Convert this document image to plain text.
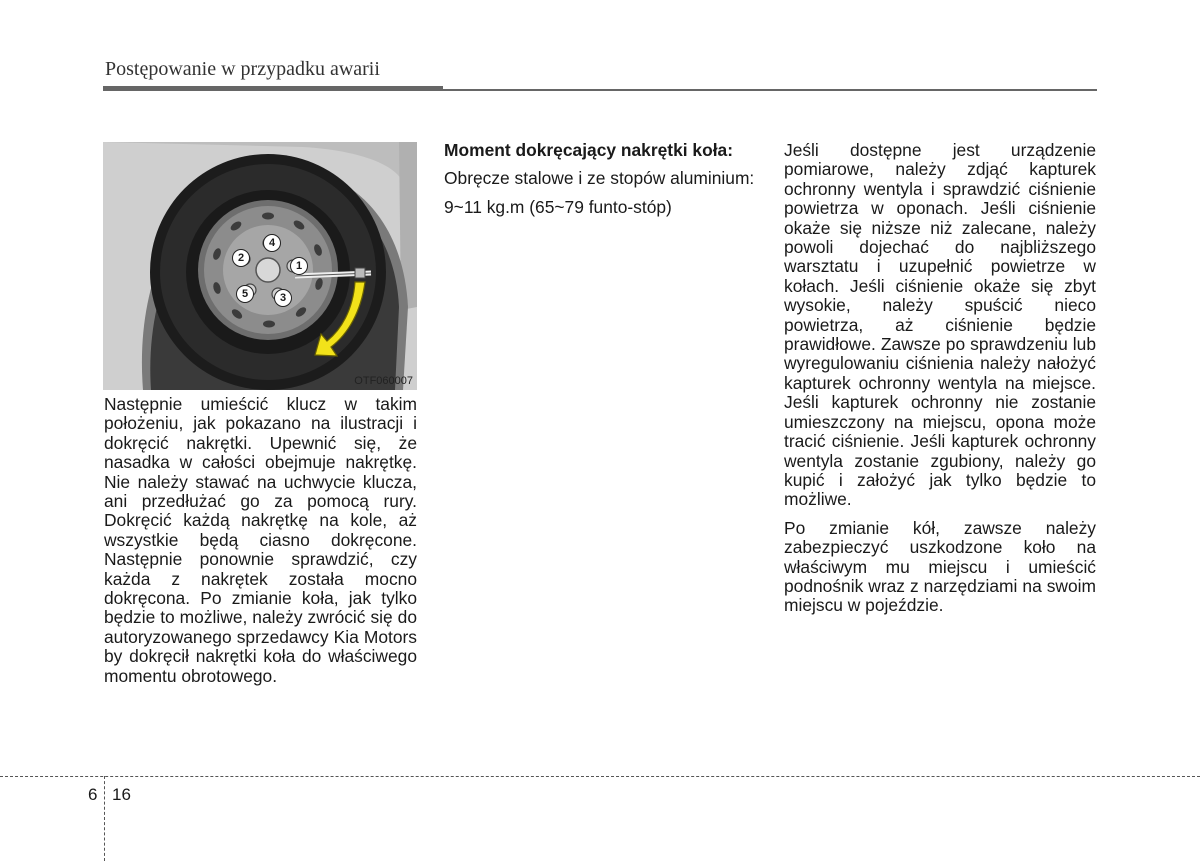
Postępowanie w przypadku awarii
1
2
3
4
5
OTF060007

Następnie umieścić klucz w takim położeniu, jak pokazano na ilustracji i dokręcić nakrętki. Upewnić się, że nasadka w całości obejmuje nakrętkę. Nie należy stawać na uchwycie klucza, ani przedłużać go za pomocą rury. Dokręcić każdą nakrętkę na kole, aż wszystkie będą ciasno dokręcone. Następnie ponownie sprawdzić, czy każda z nakrętek została mocno dokręcona. Po zmianie koła, jak tylko będzie to możliwe, należy zwrócić się do autoryzowanego sprzedawcy Kia Motors by dokręcił nakrętki koła do właściwego momentu obrotowego.

Moment dokręcający nakrętki koła:

Obręcze stalowe i ze stopów aluminium:

9~11 kg.m (65~79 funto-stóp)

Jeśli dostępne jest urządzenie pomiarowe, należy zdjąć kapturek ochronny wentyla i sprawdzić ciśnienie powietrza w oponach. Jeśli ciśnienie okaże się niższe niż zalecane, należy powoli dojechać do najbliższego warsztatu i uzupełnić powietrze w kołach. Jeśli ciśnienie okaże się zbyt wysokie, należy spuścić nieco powietrza, aż ciśnienie będzie prawidłowe. Zawsze po sprawdzeniu lub wyregulowaniu ciśnienia należy nałożyć kapturek ochronny wentyla na miejsce. Jeśli kapturek ochronny nie zostanie umieszczony na miejscu, opona może tracić ciśnienie. Jeśli kapturek ochronny wentyla zostanie zgubiony, należy go kupić i założyć jak tylko będzie to możliwe.

Po zmianie kół, zawsze należy zabezpieczyć uszkodzone koło na właściwym mu miejscu i umieścić podnośnik wraz z narzędziami na swoim miejscu w pojeździe.

6 16
